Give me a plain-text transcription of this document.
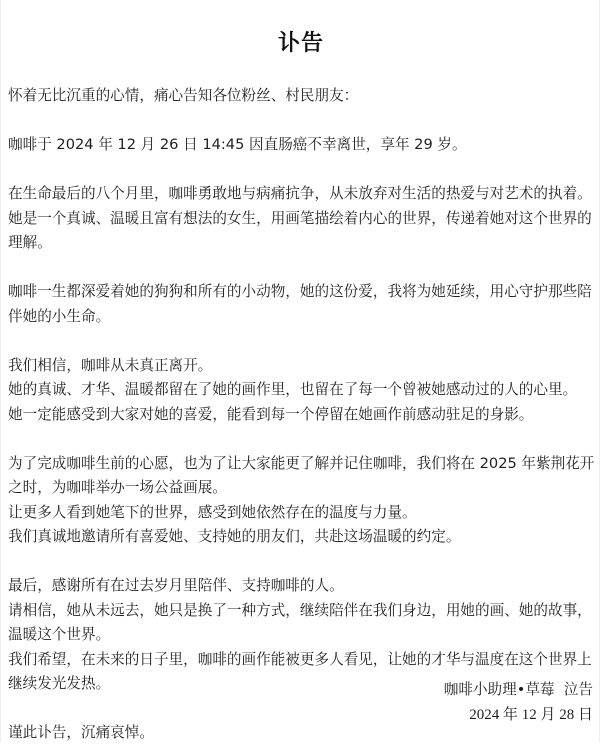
讣告

怀着无比沉重的心情，痛心告知各位粉丝、村民朋友：

咖啡于 2024 年 12 月 26 日 14:45 因直肠癌不幸离世，享年 29 岁。

在生命最后的八个月里，咖啡勇敢地与病痛抗争，从未放弃对生活的热爱与对艺术的执着。
她是一个真诚、温暖且富有想法的女生，用画笔描绘着内心的世界，传递着她对这个世界的
理解。

咖啡一生都深爱着她的狗狗和所有的小动物，她的这份爱，我将为她延续，用心守护那些陪
伴她的小生命。

我们相信，咖啡从未真正离开。
她的真诚、才华、温暖都留在了她的画作里，也留在了每一个曾被她感动过的人的心里。
她一定能感受到大家对她的喜爱，能看到每一个停留在她画作前感动驻足的身影。

为了完成咖啡生前的心愿，也为了让大家能更了解并记住咖啡，我们将在 2025 年紫荆花开
之时，为咖啡举办一场公益画展。
让更多人看到她笔下的世界，感受到她依然存在的温度与力量。
我们真诚地邀请所有喜爱她、支持她的朋友们，共赴这场温暖的约定。

最后，感谢所有在过去岁月里陪伴、支持咖啡的人。
请相信，她从未远去，她只是换了一种方式，继续陪伴在我们身边，用她的画、她的故事，
温暖这个世界。
我们希望，在未来的日子里，咖啡的画作能被更多人看见，让她的才华与温度在这个世界上
继续发光发热。

谨此讣告，沉痛哀悼。

咖啡小助理•草莓  泣告
2024 年 12 月 28 日
